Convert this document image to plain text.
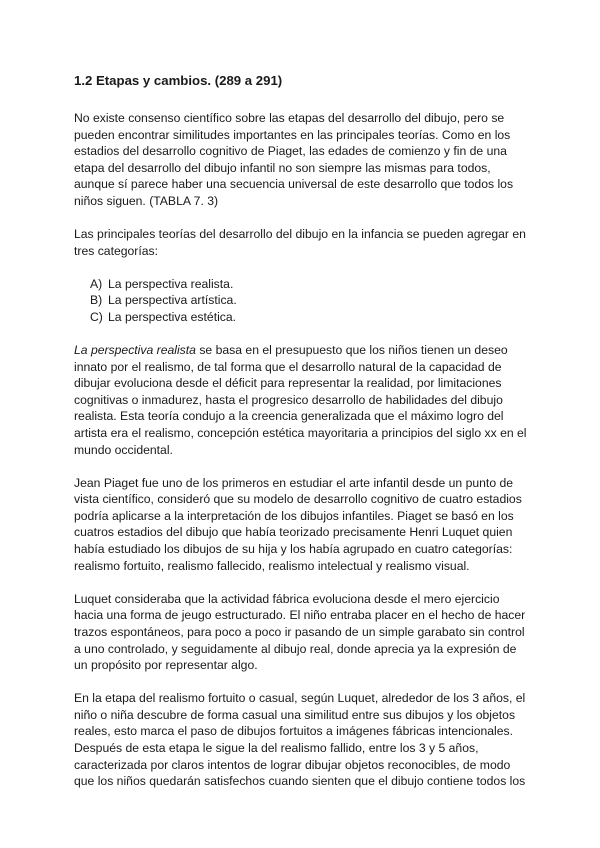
1.2 Etapas y cambios. (289 a 291)

No existe consenso científico sobre las etapas del desarrollo del dibujo, pero se pueden encontrar similitudes importantes en las principales teorías. Como en los estadios del desarrollo cognitivo de Piaget, las edades de comienzo y fin de una etapa del desarrollo del dibujo infantil no son siempre las mismas para todos, aunque sí parece haber una secuencia universal de este desarrollo que todos los niños siguen. (TABLA 7. 3)

Las principales teorías del desarrollo del dibujo en la infancia se pueden agregar en tres categorías:

A) La perspectiva realista.
B) La perspectiva artística.
C) La perspectiva estética.

La perspectiva realista se basa en el presupuesto que los niños tienen un deseo innato por el realismo, de tal forma que el desarrollo natural de la capacidad de dibujar evoluciona desde el déficit para representar la realidad, por limitaciones cognitivas o inmadurez, hasta el progresico desarrollo de habilidades del dibujo realista. Esta teoría condujo a la creencia generalizada que el máximo logro del artista era el realismo, concepción estética mayoritaria a principios del siglo xx en el mundo occidental.

Jean Piaget fue uno de los primeros en estudiar el arte infantil desde un punto de vista científico, consideró que su modelo de desarrollo cognitivo de cuatro estadios podría aplicarse a la interpretación de los dibujos infantiles. Piaget se basó en los cuatros estadios del dibujo que había teorizado precisamente Henri Luquet quien había estudiado los dibujos de su hija y los había agrupado en cuatro categorías: realismo fortuito, realismo fallecido, realismo intelectual y realismo visual.

Luquet consideraba que la actividad fábrica evoluciona desde el mero ejercicio hacia una forma de jeugo estructurado. El niño entraba placer en el hecho de hacer trazos espontáneos, para poco a poco ir pasando de un simple garabato sin control a uno controlado, y seguidamente al dibujo real, donde aprecia ya la expresión de un propósito por representar algo.

En la etapa del realismo fortuito o casual, según Luquet, alrededor de los 3 años, el niño o niña descubre de forma casual una similitud entre sus dibujos y los objetos reales, esto marca el paso de dibujos fortuitos a imágenes fábricas intencionales. Después de esta etapa le sigue la del realismo fallido, entre los 3 y 5 años, caracterizada por claros intentos de lograr dibujar objetos reconocibles, de modo que los niños quedarán satisfechos cuando sienten que el dibujo contiene todos los
